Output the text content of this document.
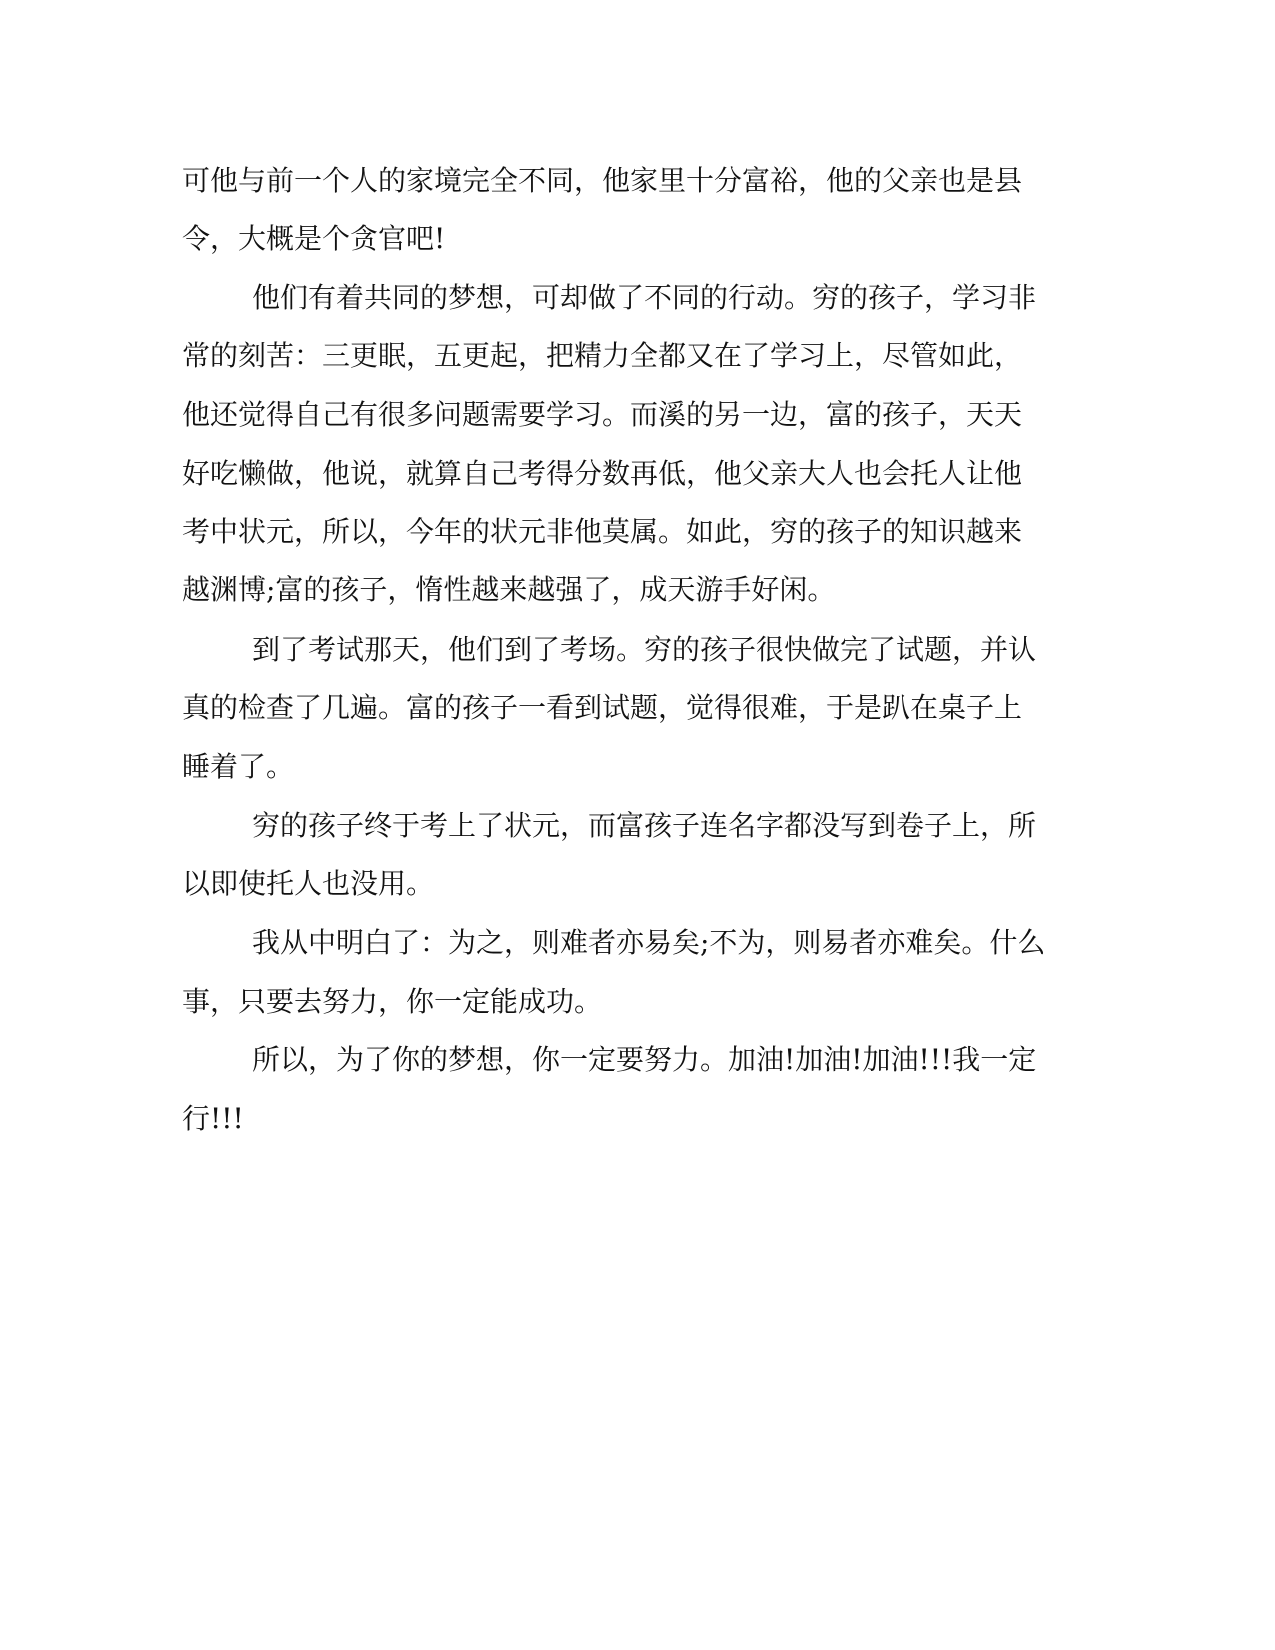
可他与前一个人的家境完全不同，他家里十分富裕，他的父亲也是县
令，大概是个贪官吧!
他们有着共同的梦想，可却做了不同的行动。穷的孩子，学习非
常的刻苦：三更眠，五更起，把精力全都又在了学习上，尽管如此，
他还觉得自己有很多问题需要学习。而溪的另一边，富的孩子，天天
好吃懒做，他说，就算自己考得分数再低，他父亲大人也会托人让他
考中状元，所以，今年的状元非他莫属。如此，穷的孩子的知识越来
越渊博;富的孩子，惰性越来越强了，成天游手好闲。
到了考试那天，他们到了考场。穷的孩子很快做完了试题，并认
真的检查了几遍。富的孩子一看到试题，觉得很难，于是趴在桌子上
睡着了。
穷的孩子终于考上了状元，而富孩子连名字都没写到卷子上，所
以即使托人也没用。
我从中明白了：为之，则难者亦易矣;不为，则易者亦难矣。什么
事，只要去努力，你一定能成功。
所以，为了你的梦想，你一定要努力。加油!加油!加油!!!我一定
行!!!
